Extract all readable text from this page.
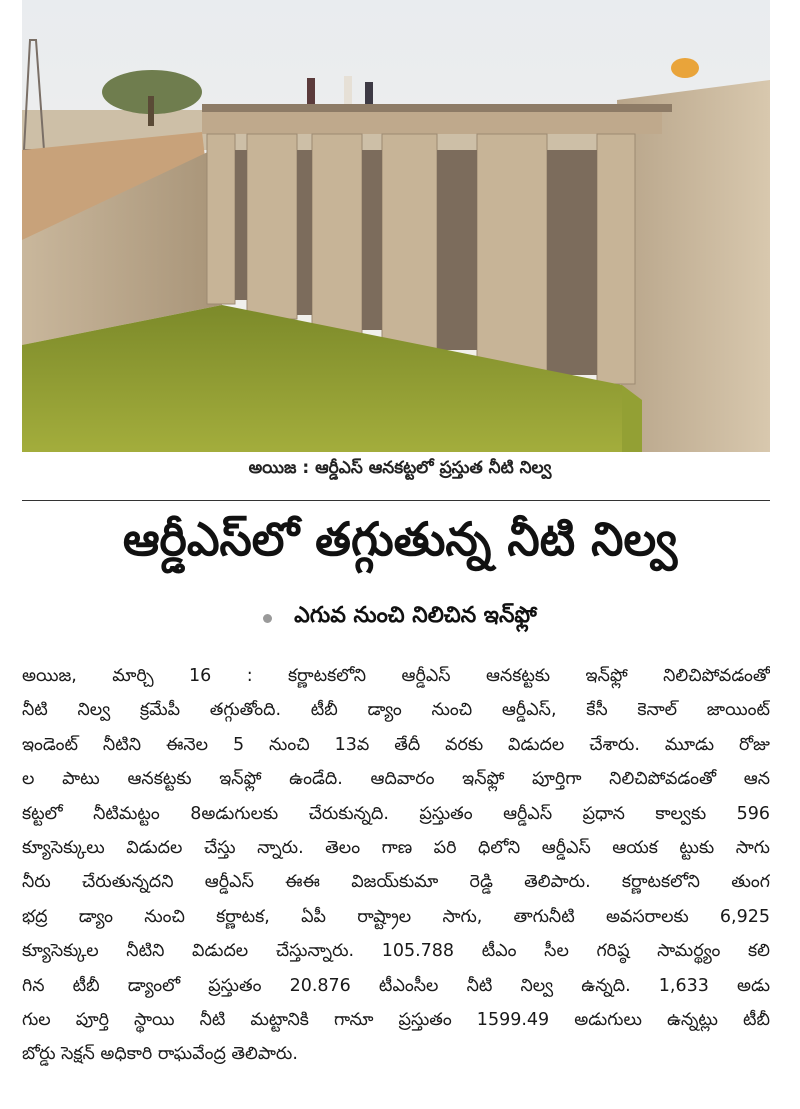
అయిజ : ఆర్డీఎస్ ఆనకట్టలో ప్రస్తుత నీటి నిల్వ
ఆర్డీఎస్‌లో తగ్గుతున్న నీటి నిల్వ
ఎగువ నుంచి నిలిచిన ఇన్‌ఫ్లో
అయిజ, మార్చి 16 : కర్ణాటకలోని ఆర్డీఎస్ ఆనకట్టకు ఇన్‌ఫ్లో నిలిచిపోవడంతో
నీటి నిల్వ క్రమేపీ తగ్గుతోంది. టీబీ డ్యాం నుంచి ఆర్డీఎస్, కేసీ కెనాల్ జాయింట్
ఇండెంట్ నీటిని ఈనెల 5 నుంచి 13వ తేదీ వరకు విడుదల చేశారు. మూడు రోజు
ల పాటు ఆనకట్టకు ఇన్‌ఫ్లో ఉండేది. ఆదివారం ఇన్‌ఫ్లో పూర్తిగా నిలిచిపోవడంతో ఆన
కట్టలో నీటిమట్టం 8అడుగులకు చేరుకున్నది. ప్రస్తుతం ఆర్డీఎస్ ప్రధాన కాల్వకు 596
క్యూసెక్కులు విడుదల చేస్తు న్నారు. తెలం గాణ పరి ధిలోని ఆర్డీఎస్ ఆయక ట్టుకు సాగు
నీరు చేరుతున్నదని ఆర్డీఎస్ ఈఈ విజయ్‌కుమా రెడ్డి తెలిపారు. కర్ణాటకలోని తుంగ
భద్ర డ్యాం నుంచి కర్ణాటక, ఏపీ రాష్ట్రాల సాగు, తాగునీటి అవసరాలకు 6,925
క్యూసెక్కుల నీటిని విడుదల చేస్తున్నారు. 105.788 టీఎం సీల గరిష్ఠ సామర్థ్యం కలి
గిన టీబీ డ్యాంలో ప్రస్తుతం 20.876 టీఎంసీల నీటి నిల్వ ఉన్నది. 1,633 అడు
గుల పూర్తి స్థాయి నీటి మట్టానికి గానూ ప్రస్తుతం 1599.49 అడుగులు ఉన్నట్లు టీబీ
బోర్డు సెక్షన్ అధికారి రాఘవేంద్ర తెలిపారు.
